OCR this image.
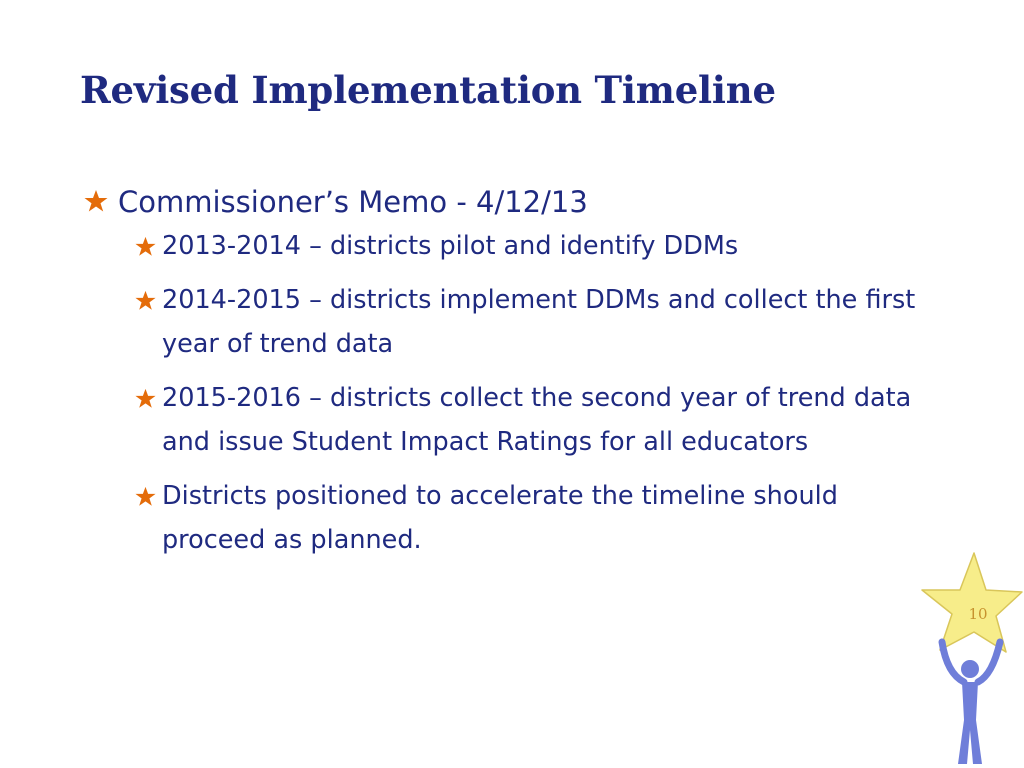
Revised Implementation Timeline
Commissioner’s Memo - 4/12/13
2013-2014 – districts pilot and identify DDMs
2014-2015 – districts implement DDMs and collect the first year of trend data
2015-2016 – districts collect the second year of trend data and issue Student Impact Ratings for all educators
Districts positioned to accelerate the timeline should proceed as planned.
10
